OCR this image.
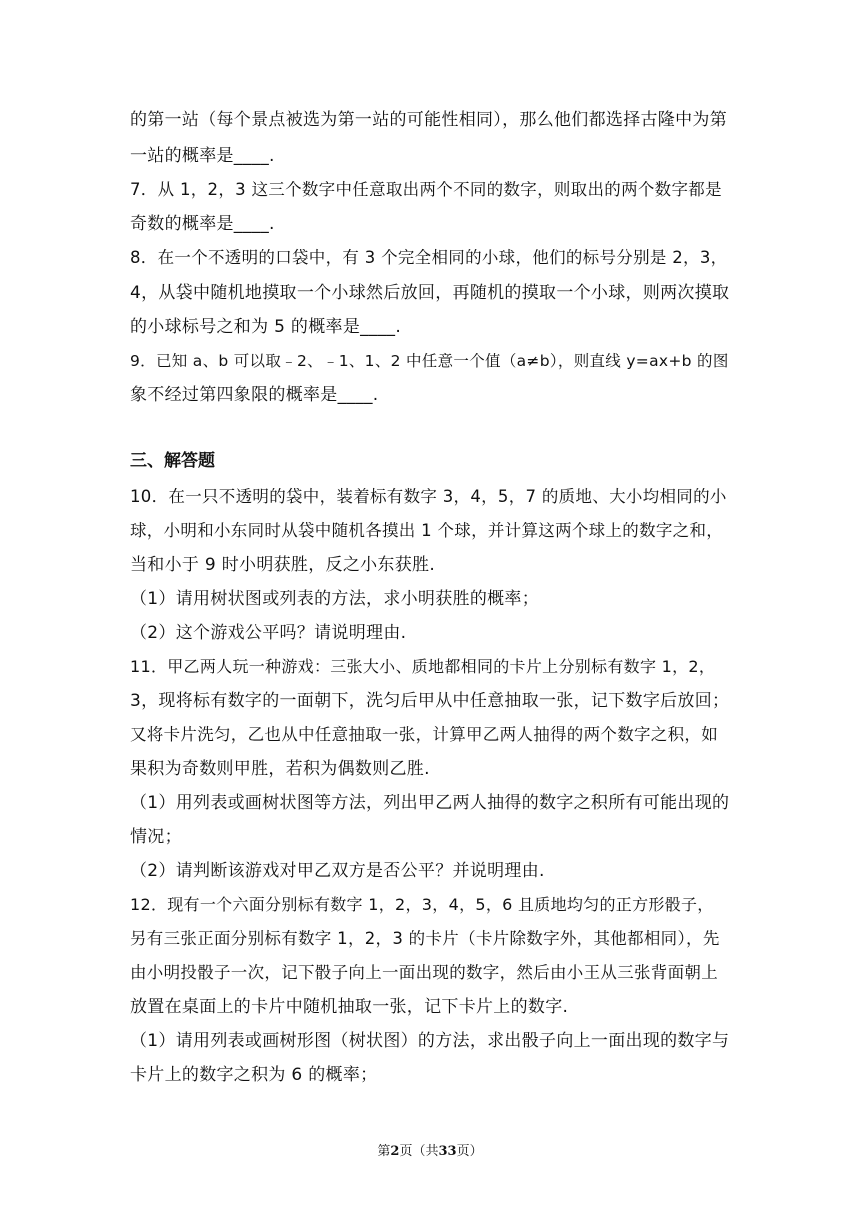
的第一站（每个景点被选为第一站的可能性相同），那么他们都选择古隆中为第
一站的概率是____.
7．从 1，2，3 这三个数字中任意取出两个不同的数字，则取出的两个数字都是
奇数的概率是____.
8．在一个不透明的口袋中，有 3 个完全相同的小球，他们的标号分别是 2，3，
4，从袋中随机地摸取一个小球然后放回，再随机的摸取一个小球，则两次摸取
的小球标号之和为 5 的概率是____.
9．已知 a、b 可以取﹣2、﹣1、1、2 中任意一个值（a≠b），则直线 y=ax+b 的图
象不经过第四象限的概率是____.
三、解答题
10．在一只不透明的袋中，装着标有数字 3，4，5，7 的质地、大小均相同的小
球，小明和小东同时从袋中随机各摸出 1 个球，并计算这两个球上的数字之和，
当和小于 9 时小明获胜，反之小东获胜.
（1）请用树状图或列表的方法，求小明获胜的概率；
（2）这个游戏公平吗？请说明理由.
11．甲乙两人玩一种游戏：三张大小、质地都相同的卡片上分别标有数字 1，2，
3，现将标有数字的一面朝下，洗匀后甲从中任意抽取一张，记下数字后放回；
又将卡片洗匀，乙也从中任意抽取一张，计算甲乙两人抽得的两个数字之积，如
果积为奇数则甲胜，若积为偶数则乙胜.
（1）用列表或画树状图等方法，列出甲乙两人抽得的数字之积所有可能出现的
情况；
（2）请判断该游戏对甲乙双方是否公平？并说明理由.
12．现有一个六面分别标有数字 1，2，3，4，5，6 且质地均匀的正方形骰子，
另有三张正面分别标有数字 1，2，3 的卡片（卡片除数字外，其他都相同），先
由小明投骰子一次，记下骰子向上一面出现的数字，然后由小王从三张背面朝上
放置在桌面上的卡片中随机抽取一张，记下卡片上的数字.
（1）请用列表或画树形图（树状图）的方法，求出骰子向上一面出现的数字与
卡片上的数字之积为 6 的概率；
第2页（共33页）
